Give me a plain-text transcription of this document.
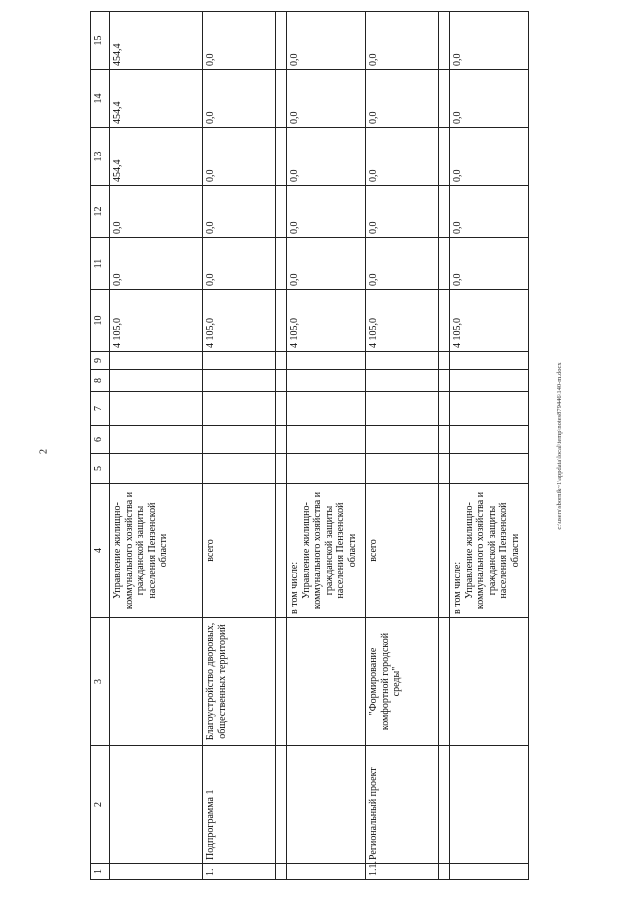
2	c:\users\sbornik~1\appdata\local\temp\notes879446\140-m.docx
1	2	3	4	5	6	7	8	9	10	11	12	13	14	15
			Управление жилищно-коммунального хозяйства и гражданской защиты населения Пензенской области						4 105,0	0,0	0,0	454,4	454,4	454,4
1.	Подпрограмма 1	Благоустройство дворовых, общественных территорий	всего						4 105,0	0,0	0,0	0,0	0,0	0,0

			в том числе: Управление жилищно-коммунального хозяйства и гражданской защиты населения Пензенской области						4 105,0	0,0	0,0	0,0	0,0	0,0
1.1.	Региональный проект	"Формирование комфортной городской среды"	всего						4 105,0	0,0	0,0	0,0	0,0	0,0

			в том числе: Управление жилищно-коммунального хозяйства и гражданской защиты населения Пензенской области						4 105,0	0,0	0,0	0,0	0,0	0,0
